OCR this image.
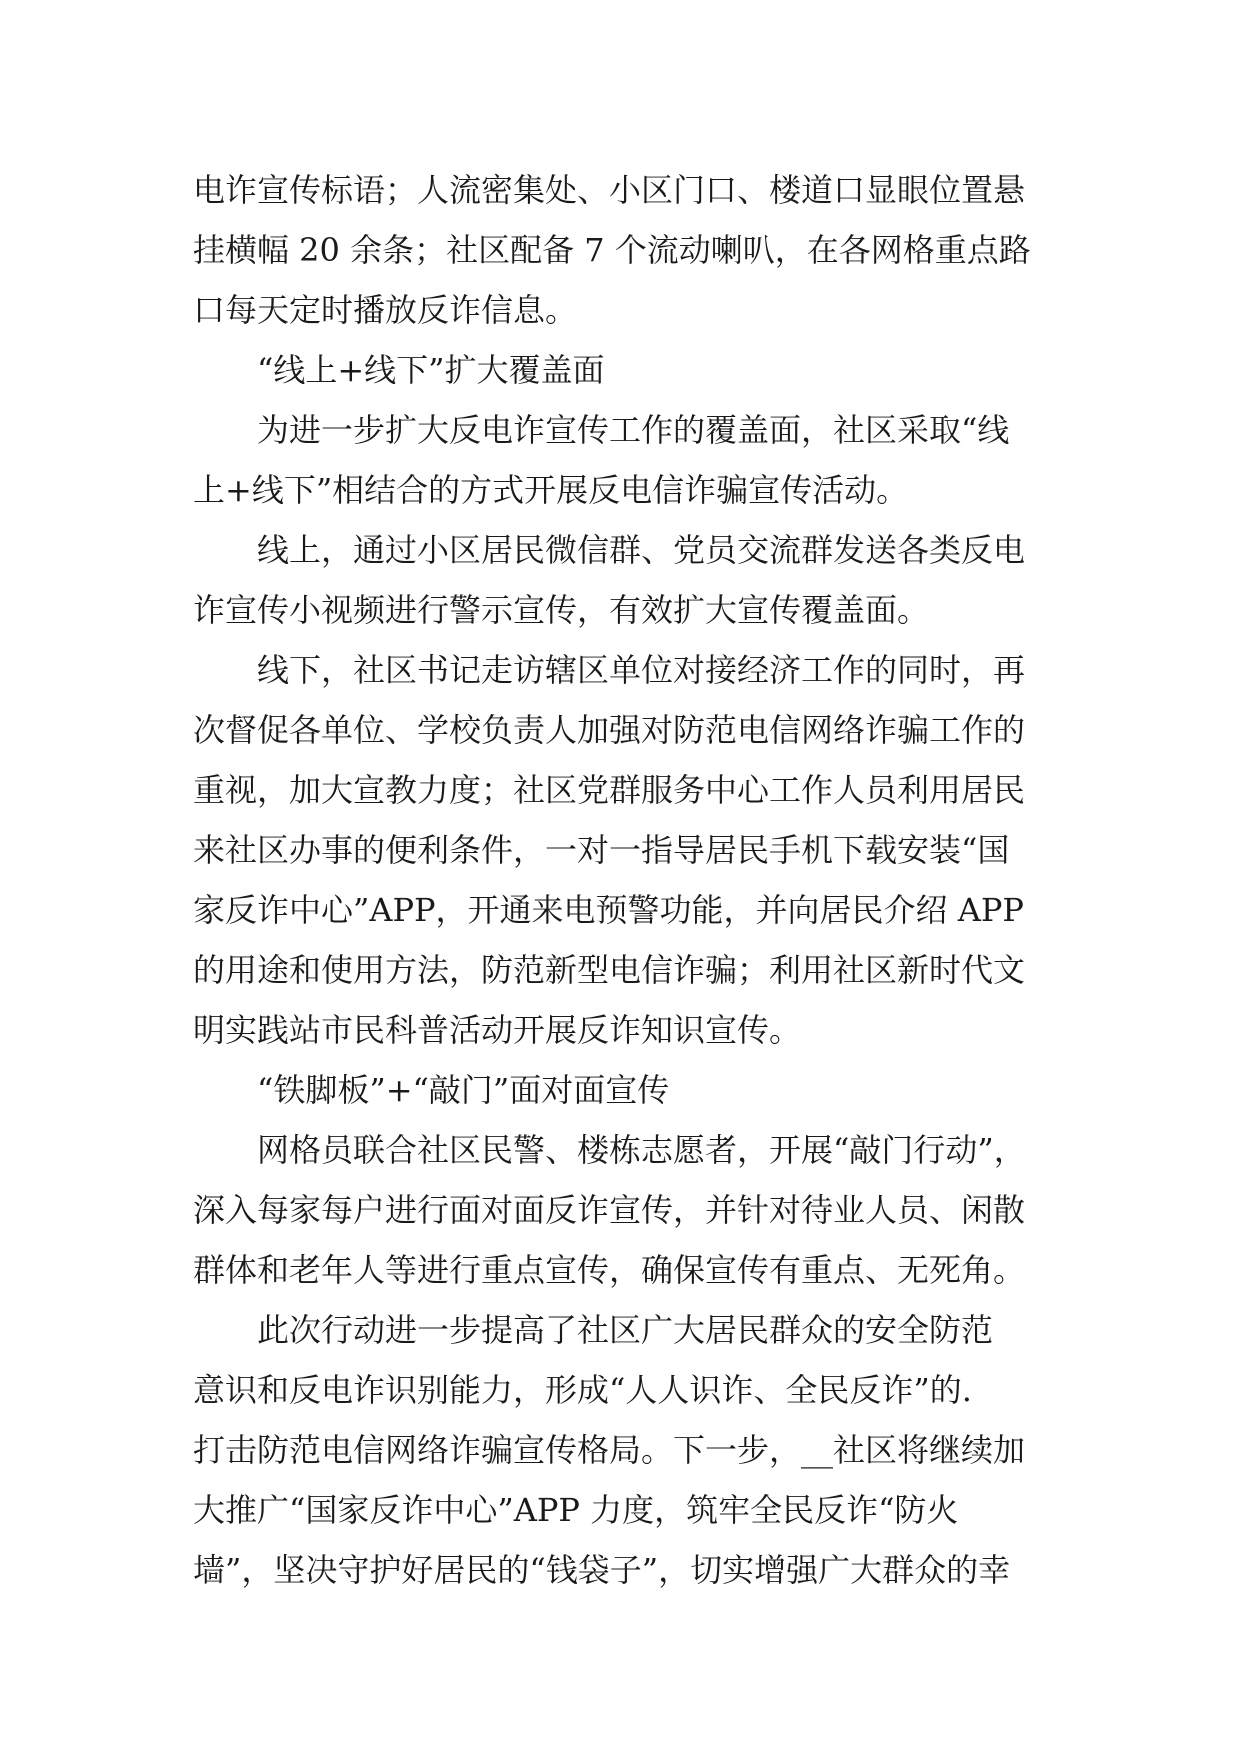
电诈宣传标语；人流密集处、小区门口、楼道口显眼位置悬
挂横幅 20 余条；社区配备 7 个流动喇叭，在各网格重点路
口每天定时播放反诈信息。
“线上+线下”扩大覆盖面
为进一步扩大反电诈宣传工作的覆盖面，社区采取“线
上+线下”相结合的方式开展反电信诈骗宣传活动。
线上，通过小区居民微信群、党员交流群发送各类反电
诈宣传小视频进行警示宣传，有效扩大宣传覆盖面。
线下，社区书记走访辖区单位对接经济工作的同时，再
次督促各单位、学校负责人加强对防范电信网络诈骗工作的
重视，加大宣教力度；社区党群服务中心工作人员利用居民
来社区办事的便利条件，一对一指导居民手机下载安装“国
家反诈中心”APP，开通来电预警功能，并向居民介绍 APP
的用途和使用方法，防范新型电信诈骗；利用社区新时代文
明实践站市民科普活动开展反诈知识宣传。
“铁脚板”+“敲门”面对面宣传
网格员联合社区民警、楼栋志愿者，开展“敲门行动”，
深入每家每户进行面对面反诈宣传，并针对待业人员、闲散
群体和老年人等进行重点宣传，确保宣传有重点、无死角。
此次行动进一步提高了社区广大居民群众的安全防范
意识和反电诈识别能力，形成“人人识诈、全民反诈”的.
打击防范电信网络诈骗宣传格局。下一步，__社区将继续加
大推广“国家反诈中心”APP 力度，筑牢全民反诈“防火
墙”，坚决守护好居民的“钱袋子”，切实增强广大群众的幸
